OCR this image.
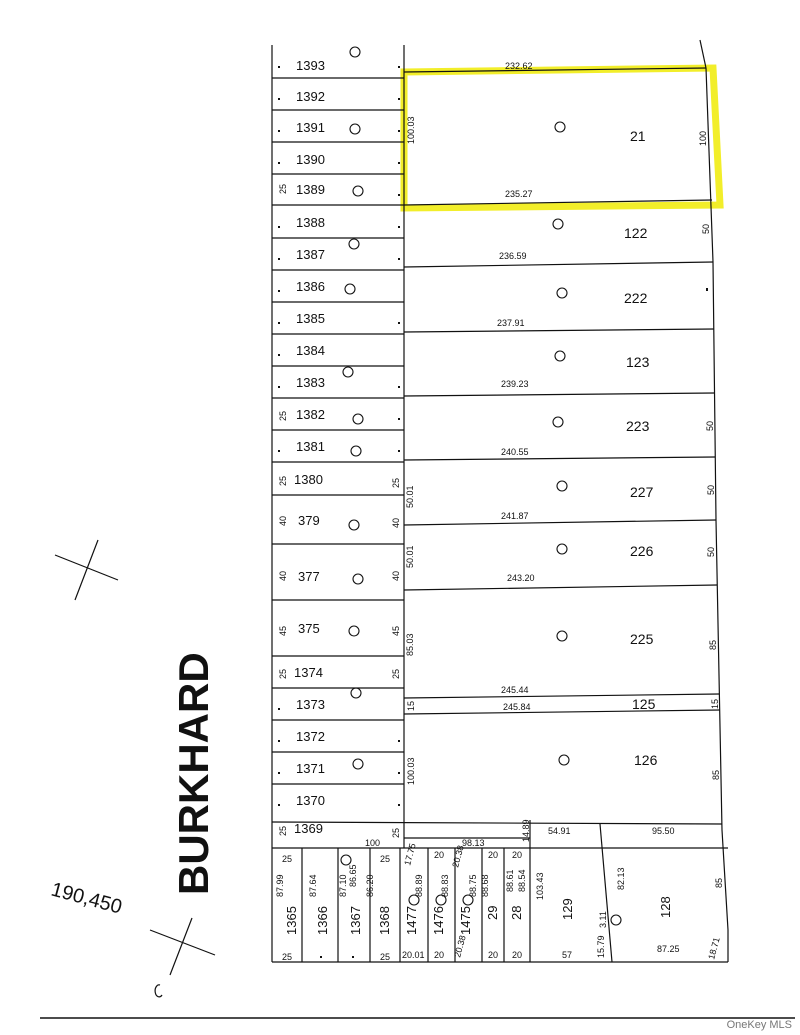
BURKHARD
190,450
1393
1392
1391
1390
1389
1388
1387
1386
1385
1384
1383
1382
1381
1380
379
377
375
1374
1373
1372
1371
1370
1369
25
25
25	25
40	40
40	40
45	45
25	25
25	25
21
122
222
123
223
227
226
225
125
126
232.62
235.27
100.03	100
50
236.59
237.91
239.23
50
240.55
50.01	50
241.87
50.01	50
243.20
85.03	85
245.44
15	15
245.84
100.03	85
100	98.13
14.89
25
87.99
25
1365
87.64
1366
87.10 86.65
1367
25
86.20
25
1368
17.75
88.89
20.01
1477
20
88.83
20
1476
20.38
88.75
20.38
1475
20
88.68
20
29
20
88.61 88.54
20
28
54.91
103.43
57
129
95.50
82.13	85
87.25	18.71
15.79
3.11
128
OneKey MLS
